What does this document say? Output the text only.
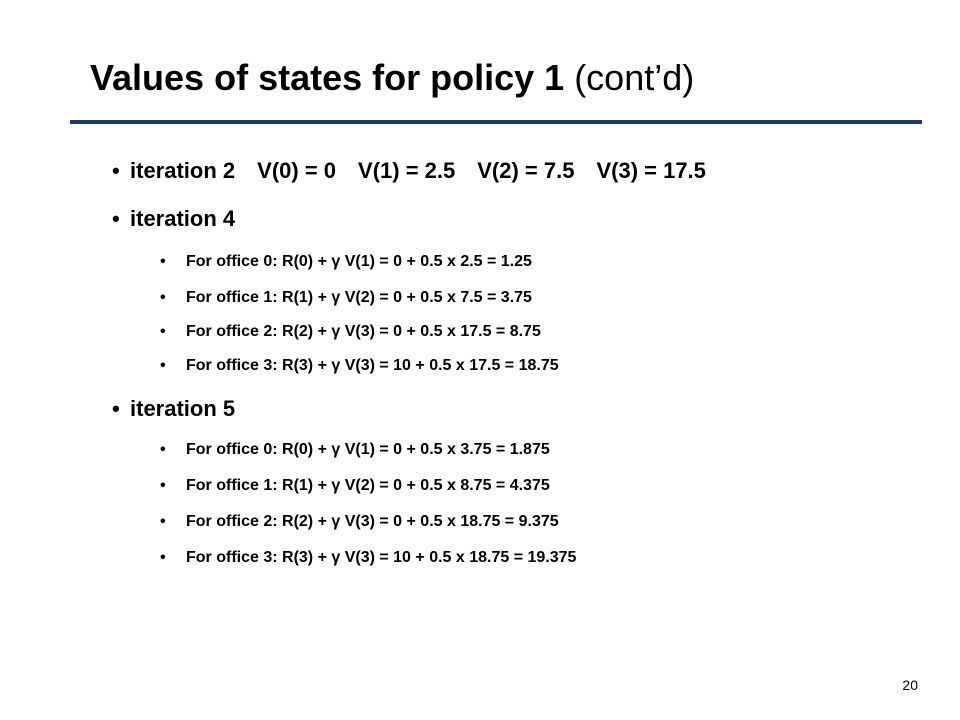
Values of states for policy 1 (cont’d)
• iteration 2 V(0) = 0 V(1) = 2.5 V(2) = 7.5 V(3) = 17.5
• iteration 4
• For office 0: R(0) + γ V(1) = 0 + 0.5 x 2.5 = 1.25
• For office 1: R(1) + γ V(2) = 0 + 0.5 x 7.5 = 3.75
• For office 2: R(2) + γ V(3) = 0 + 0.5 x 17.5 = 8.75
• For office 3: R(3) + γ V(3) = 10 + 0.5 x 17.5 = 18.75
• iteration 5
• For office 0: R(0) + γ V(1) = 0 + 0.5 x 3.75 = 1.875
• For office 1: R(1) + γ V(2) = 0 + 0.5 x 8.75 = 4.375
• For office 2: R(2) + γ V(3) = 0 + 0.5 x 18.75 = 9.375
• For office 3: R(3) + γ V(3) = 10 + 0.5 x 18.75 = 19.375
20
